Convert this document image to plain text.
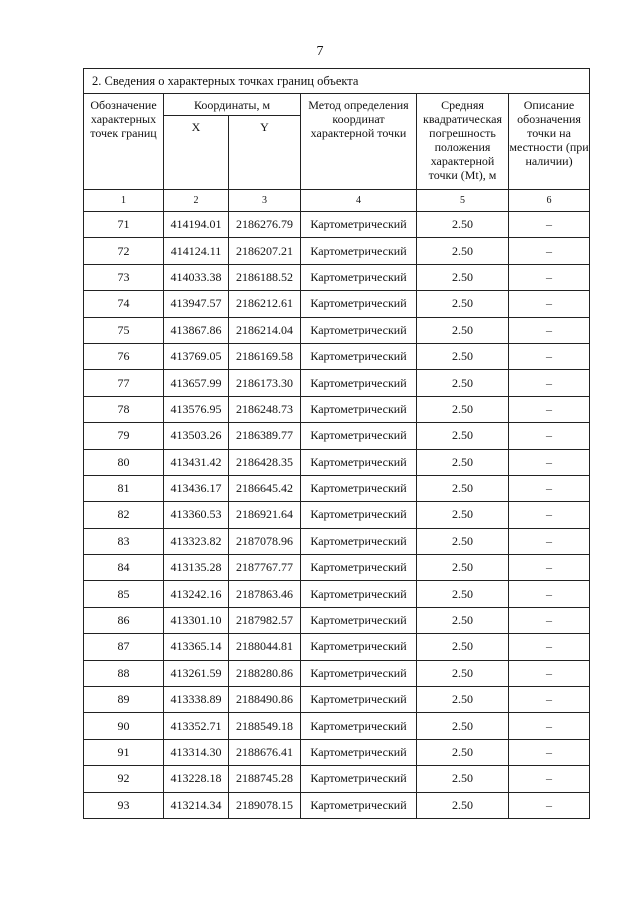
7
2. Сведения о характерных точках границ объекта					
Обозначение характерных точек границ	Координаты, м		Метод определения координат характерной точки	Средняя квадратическая погрешность положения характерной точки (Mt), м	Описание обозначения точки на местности (при наличии)
	X	Y			
1	2	3	4	5	6
71	414194.01	2186276.79	Картометрический	2.50	–
72	414124.11	2186207.21	Картометрический	2.50	–
73	414033.38	2186188.52	Картометрический	2.50	–
74	413947.57	2186212.61	Картометрический	2.50	–
75	413867.86	2186214.04	Картометрический	2.50	–
76	413769.05	2186169.58	Картометрический	2.50	–
77	413657.99	2186173.30	Картометрический	2.50	–
78	413576.95	2186248.73	Картометрический	2.50	–
79	413503.26	2186389.77	Картометрический	2.50	–
80	413431.42	2186428.35	Картометрический	2.50	–
81	413436.17	2186645.42	Картометрический	2.50	–
82	413360.53	2186921.64	Картометрический	2.50	–
83	413323.82	2187078.96	Картометрический	2.50	–
84	413135.28	2187767.77	Картометрический	2.50	–
85	413242.16	2187863.46	Картометрический	2.50	–
86	413301.10	2187982.57	Картометрический	2.50	–
87	413365.14	2188044.81	Картометрический	2.50	–
88	413261.59	2188280.86	Картометрический	2.50	–
89	413338.89	2188490.86	Картометрический	2.50	–
90	413352.71	2188549.18	Картометрический	2.50	–
91	413314.30	2188676.41	Картометрический	2.50	–
92	413228.18	2188745.28	Картометрический	2.50	–
93	413214.34	2189078.15	Картометрический	2.50	–
